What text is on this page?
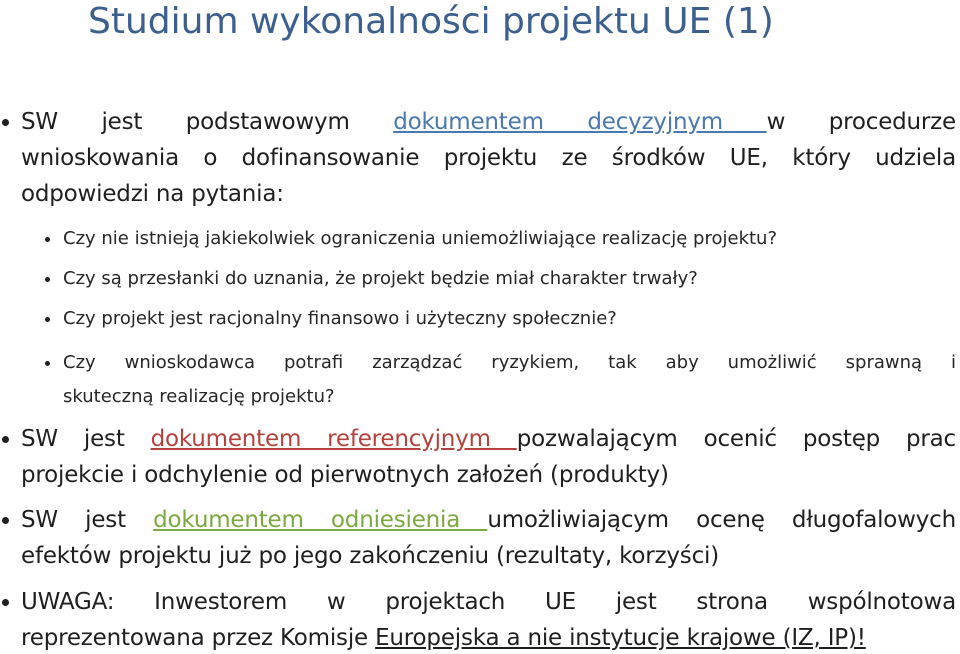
Studium wykonalności projektu UE (1)
SW jest podstawowym dokumentem decyzyjnym w procedurze
wnioskowania o dofinansowanie projektu ze środków UE, który udziela
odpowiedzi na pytania:
Czy nie istnieją jakiekolwiek ograniczenia uniemożliwiające realizację projektu?
Czy są przesłanki do uznania, że projekt będzie miał charakter trwały?
Czy projekt jest racjonalny finansowo i użyteczny społecznie?
Czy wnioskodawca potrafi zarządzać ryzykiem, tak aby umożliwić sprawną i
skuteczną realizację projektu?
SW jest dokumentem referencyjnym pozwalającym ocenić postęp prac
projekcie i odchylenie od pierwotnych założeń (produkty)
SW jest dokumentem odniesienia umożliwiającym ocenę długofalowych
efektów projektu już po jego zakończeniu (rezultaty, korzyści)
UWAGA: Inwestorem w projektach UE jest strona wspólnotowa
reprezentowana przez Komisje Europejska a nie instytucje krajowe (IZ, IP)!
